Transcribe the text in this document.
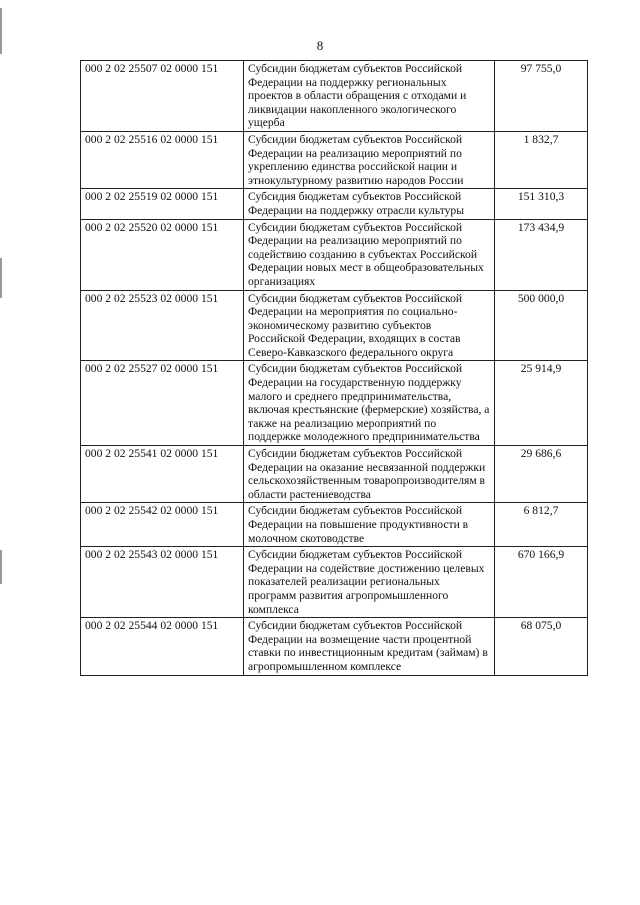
8
000 2 02 25507 02 0000 151	Субсидии бюджетам субъектов Российской Федерации на поддержку региональных проектов в области обращения с отходами и ликвидации накопленного экологического ущерба	97 755,0
000 2 02 25516 02 0000 151	Субсидии бюджетам субъектов Российской Федерации на реализацию мероприятий по укреплению единства российской нации и этнокультурному развитию народов России	1 832,7
000 2 02 25519 02 0000 151	Субсидия бюджетам субъектов Российской Федерации на поддержку отрасли культуры	151 310,3
000 2 02 25520 02 0000 151	Субсидии бюджетам субъектов Российской Федерации на реализацию мероприятий по содействию созданию в субъектах Российской Федерации новых мест в общеобразовательных организациях	173 434,9
000 2 02 25523 02 0000 151	Субсидии бюджетам субъектов Российской Федерации на мероприятия по социально-экономическому развитию субъектов Российской Федерации, входящих в состав Северо-Кавказского федерального округа	500 000,0
000 2 02 25527 02 0000 151	Субсидии бюджетам субъектов Российской Федерации на государственную поддержку малого и среднего предпринимательства, включая крестьянские (фермерские) хозяйства, а также на реализацию мероприятий по поддержке молодежного предпринимательства	25 914,9
000 2 02 25541 02 0000 151	Субсидии бюджетам субъектов Российской Федерации на оказание несвязанной поддержки сельскохозяйственным товаропроизводителям в области растениеводства	29 686,6
000 2 02 25542 02 0000 151	Субсидии бюджетам субъектов Российской Федерации на повышение продуктивности в молочном скотоводстве	6 812,7
000 2 02 25543 02 0000 151	Субсидии бюджетам субъектов Российской Федерации на содействие достижению целевых показателей реализации региональных программ развития агропромышленного комплекса	670 166,9
000 2 02 25544 02 0000 151	Субсидии бюджетам субъектов Российской Федерации на возмещение части процентной ставки по инвестиционным кредитам (займам) в агропромышленном комплексе	68 075,0
